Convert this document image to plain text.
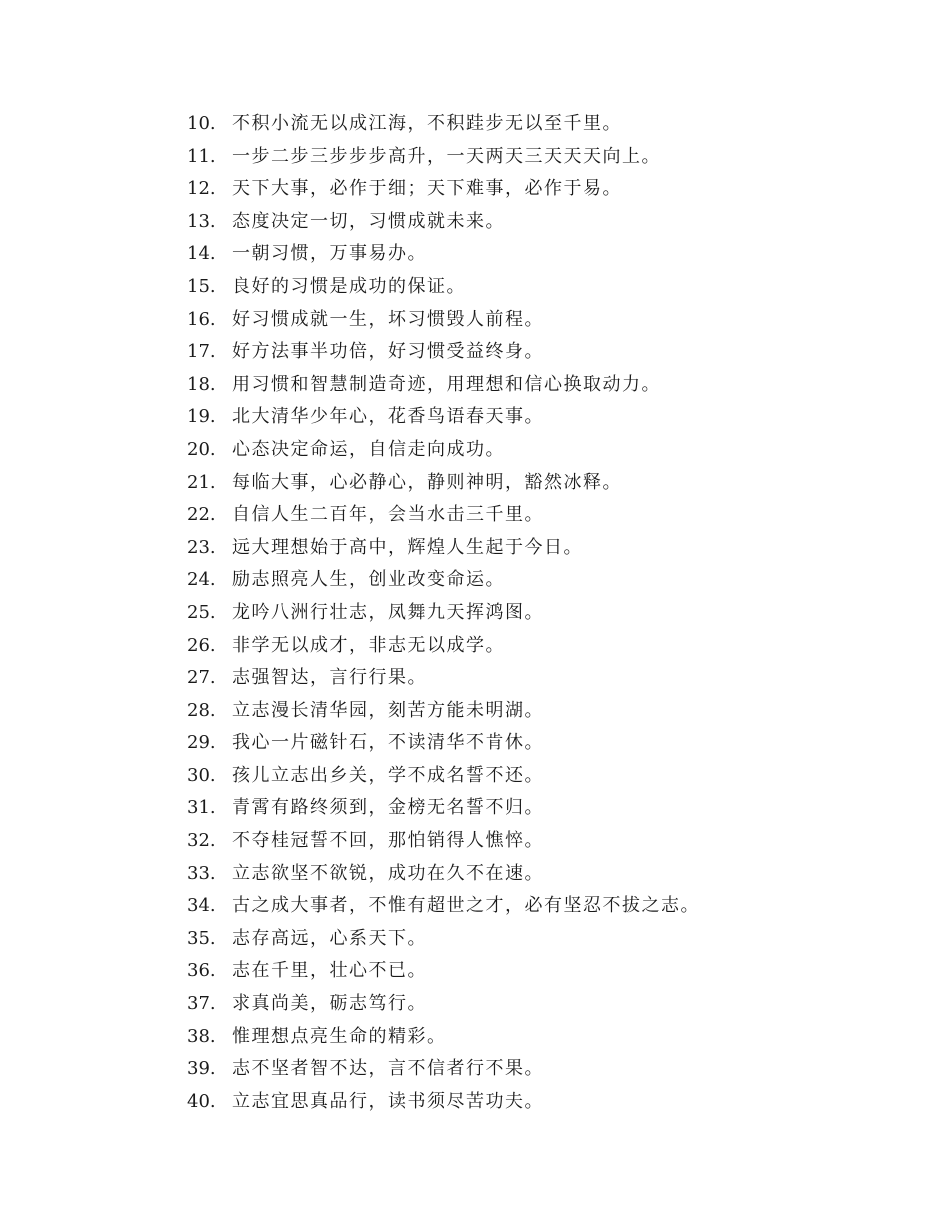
10. 不积小流无以成江海，不积跬步无以至千里。
11. 一步二步三步步步高升，一天两天三天天天向上。
12. 天下大事，必作于细；天下难事，必作于易。
13. 态度决定一切，习惯成就未来。
14. 一朝习惯，万事易办。
15. 良好的习惯是成功的保证。
16. 好习惯成就一生，坏习惯毁人前程。
17. 好方法事半功倍，好习惯受益终身。
18. 用习惯和智慧制造奇迹，用理想和信心换取动力。
19. 北大清华少年心，花香鸟语春天事。
20. 心态决定命运，自信走向成功。
21. 每临大事，心必静心，静则神明，豁然冰释。
22. 自信人生二百年，会当水击三千里。
23. 远大理想始于高中，辉煌人生起于今日。
24. 励志照亮人生，创业改变命运。
25. 龙吟八洲行壮志，凤舞九天挥鸿图。
26. 非学无以成才，非志无以成学。
27. 志强智达，言行行果。
28. 立志漫长清华园，刻苦方能未明湖。
29. 我心一片磁针石，不读清华不肯休。
30. 孩儿立志出乡关，学不成名誓不还。
31. 青霄有路终须到，金榜无名誓不归。
32. 不夺桂冠誓不回，那怕销得人憔悴。
33. 立志欲坚不欲锐，成功在久不在速。
34. 古之成大事者，不惟有超世之才，必有坚忍不拔之志。
35. 志存高远，心系天下。
36. 志在千里，壮心不已。
37. 求真尚美，砺志笃行。
38. 惟理想点亮生命的精彩。
39. 志不坚者智不达，言不信者行不果。
40. 立志宜思真品行，读书须尽苦功夫。
